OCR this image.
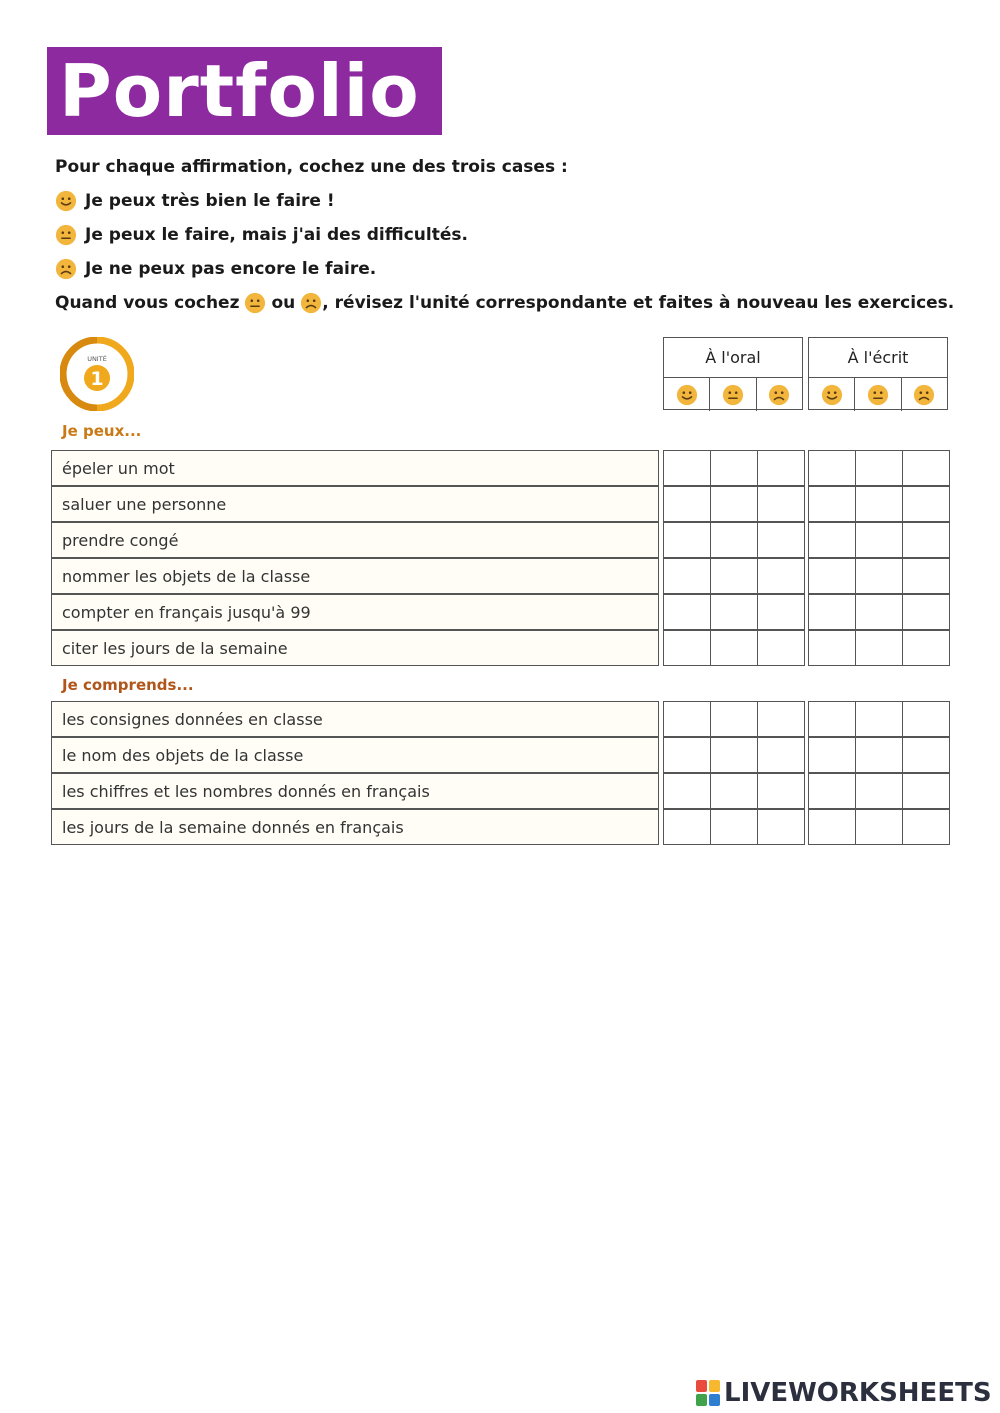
Portfolio
Pour chaque affirmation, cochez une des trois cases :
Je peux très bien le faire !
Je peux le faire, mais j'ai des difficultés.
Je ne peux pas encore le faire.
Quand vous cochez ou , révisez l'unité correspondante et faites à nouveau les exercices.
UNITÉ
1
À l'oral	À l'écrit
Je peux...
épeler un mot
saluer une personne
prendre congé
nommer les objets de la classe
compter en français jusqu'à 99
citer les jours de la semaine
Je comprends...
les consignes données en classe
le nom des objets de la classe
les chiffres et les nombres donnés en français
les jours de la semaine donnés en français
LIVEWORKSHEETS
